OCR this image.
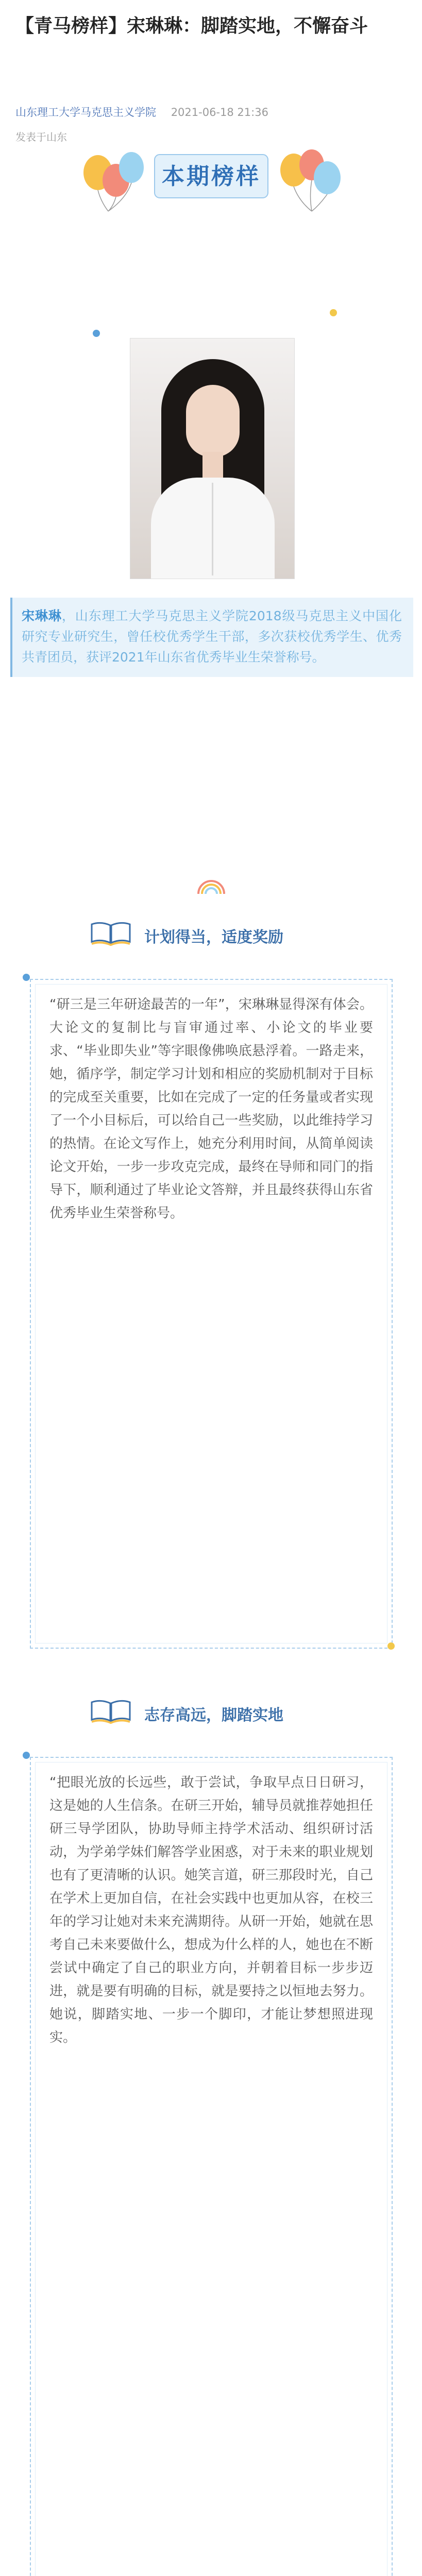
【青马榜样】宋琳琳：脚踏实地，不懈奋斗
山东理工大学马克思主义学院 2021-06-18 21:36
发表于山东
本期榜样
宋琳琳，山东理工大学马克思主义学院2018级马克思主义中国化研究专业研究生，曾任校优秀学生干部，多次获校优秀学生、优秀共青团员，获评2021年山东省优秀毕业生荣誉称号。
计划得当，适度奖励

“研三是三年研途最苦的一年”，宋琳琳显得深有体会。大论文的复制比与盲审通过率、小论文的毕业要求、“毕业即失业”等字眼像佛唤底悬浮着。一路走来，她，循序学，制定学习计划和相应的奖励机制对于目标的完成至关重要，比如在完成了一定的任务量或者实现了一个小目标后，可以给自己一些奖励，以此维持学习的热情。在论文写作上，她充分利用时间，从简单阅读论文开始，一步一步攻克完成，最终在导师和同门的指导下，顺利通过了毕业论文答辩，并且最终获得山东省优秀毕业生荣誉称号。

志存高远，脚踏实地

“把眼光放的长远些，敢于尝试，争取早点日日研习，这是她的人生信条。在研三开始，辅导员就推荐她担任研三导学团队，协助导师主持学术活动、组织研讨活动，为学弟学妹们解答学业困惑，对于未来的职业规划也有了更清晰的认识。她笑言道，研三那段时光，自己在学术上更加自信，在社会实践中也更加从容，在校三年的学习让她对未来充满期待。从研一开始，她就在思考自己未来要做什么，想成为什么样的人，她也在不断尝试中确定了自己的职业方向，并朝着目标一步步迈进，就是要有明确的目标，就是要持之以恒地去努力。她说，脚踏实地、一步一个脚印，才能让梦想照进现实。
